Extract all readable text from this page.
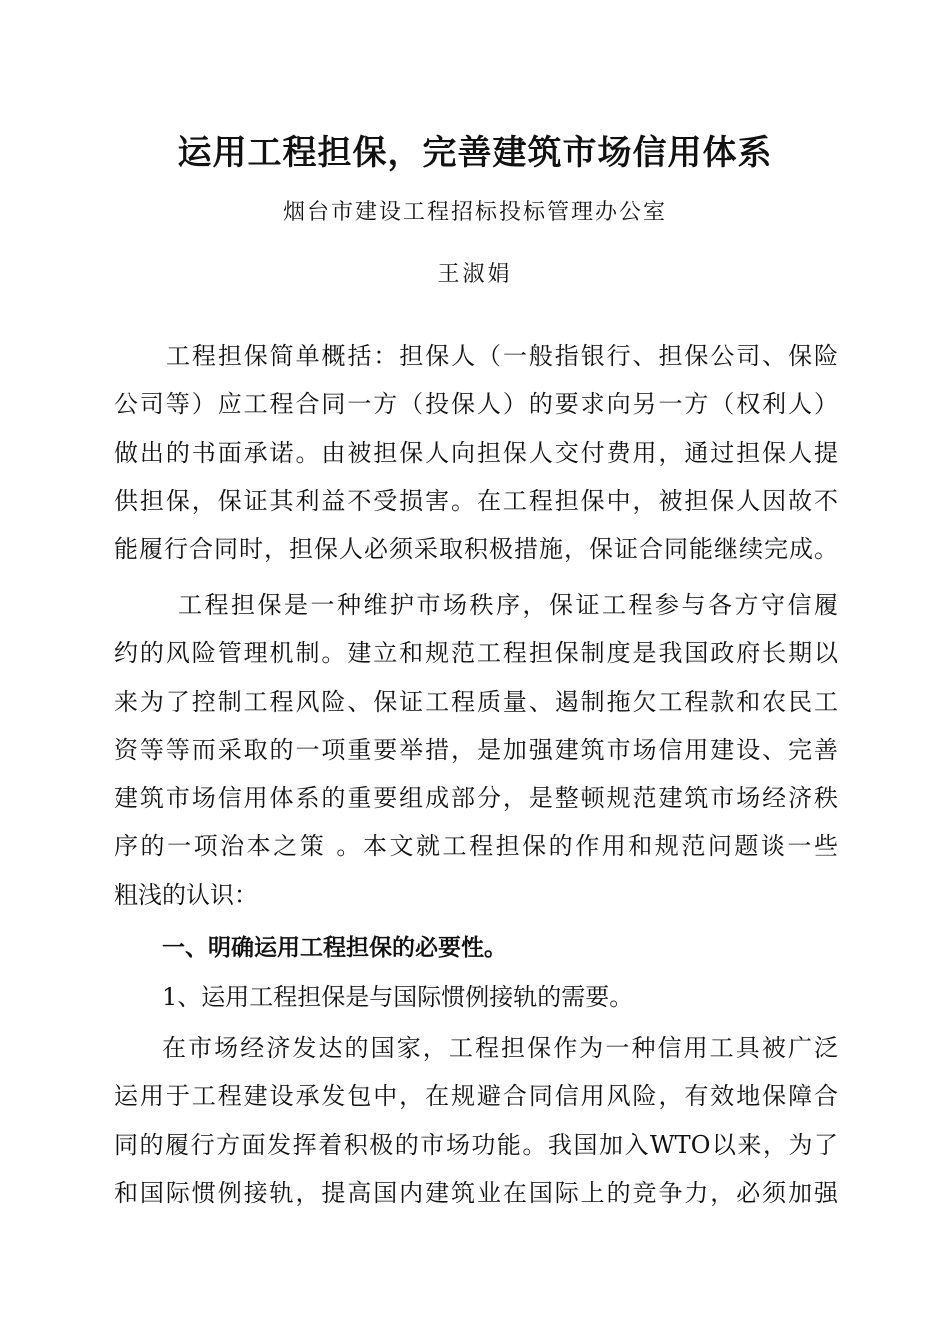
运用工程担保，完善建筑市场信用体系
烟台市建设工程招标投标管理办公室
王淑娟
工程担保简单概括：担保人（一般指银行、担保公司、保险
公司等）应工程合同一方（投保人）的要求向另一方（权利人）
做出的书面承诺。由被担保人向担保人交付费用，通过担保人提
供担保，保证其利益不受损害。在工程担保中，被担保人因故不
能履行合同时，担保人必须采取积极措施，保证合同能继续完成。
工程担保是一种维护市场秩序，保证工程参与各方守信履
约的风险管理机制。建立和规范工程担保制度是我国政府长期以
来为了控制工程风险、保证工程质量、遏制拖欠工程款和农民工
资等等而采取的一项重要举措，是加强建筑市场信用建设、完善
建筑市场信用体系的重要组成部分，是整顿规范建筑市场经济秩
序的一项治本之策 。本文就工程担保的作用和规范问题谈一些
粗浅的认识：
一、明确运用工程担保的必要性。
1、运用工程担保是与国际惯例接轨的需要。
在市场经济发达的国家，工程担保作为一种信用工具被广泛
运用于工程建设承发包中，在规避合同信用风险，有效地保障合
同的履行方面发挥着积极的市场功能。我国加入WTO以来，为了
和国际惯例接轨，提高国内建筑业在国际上的竞争力，必须加强
